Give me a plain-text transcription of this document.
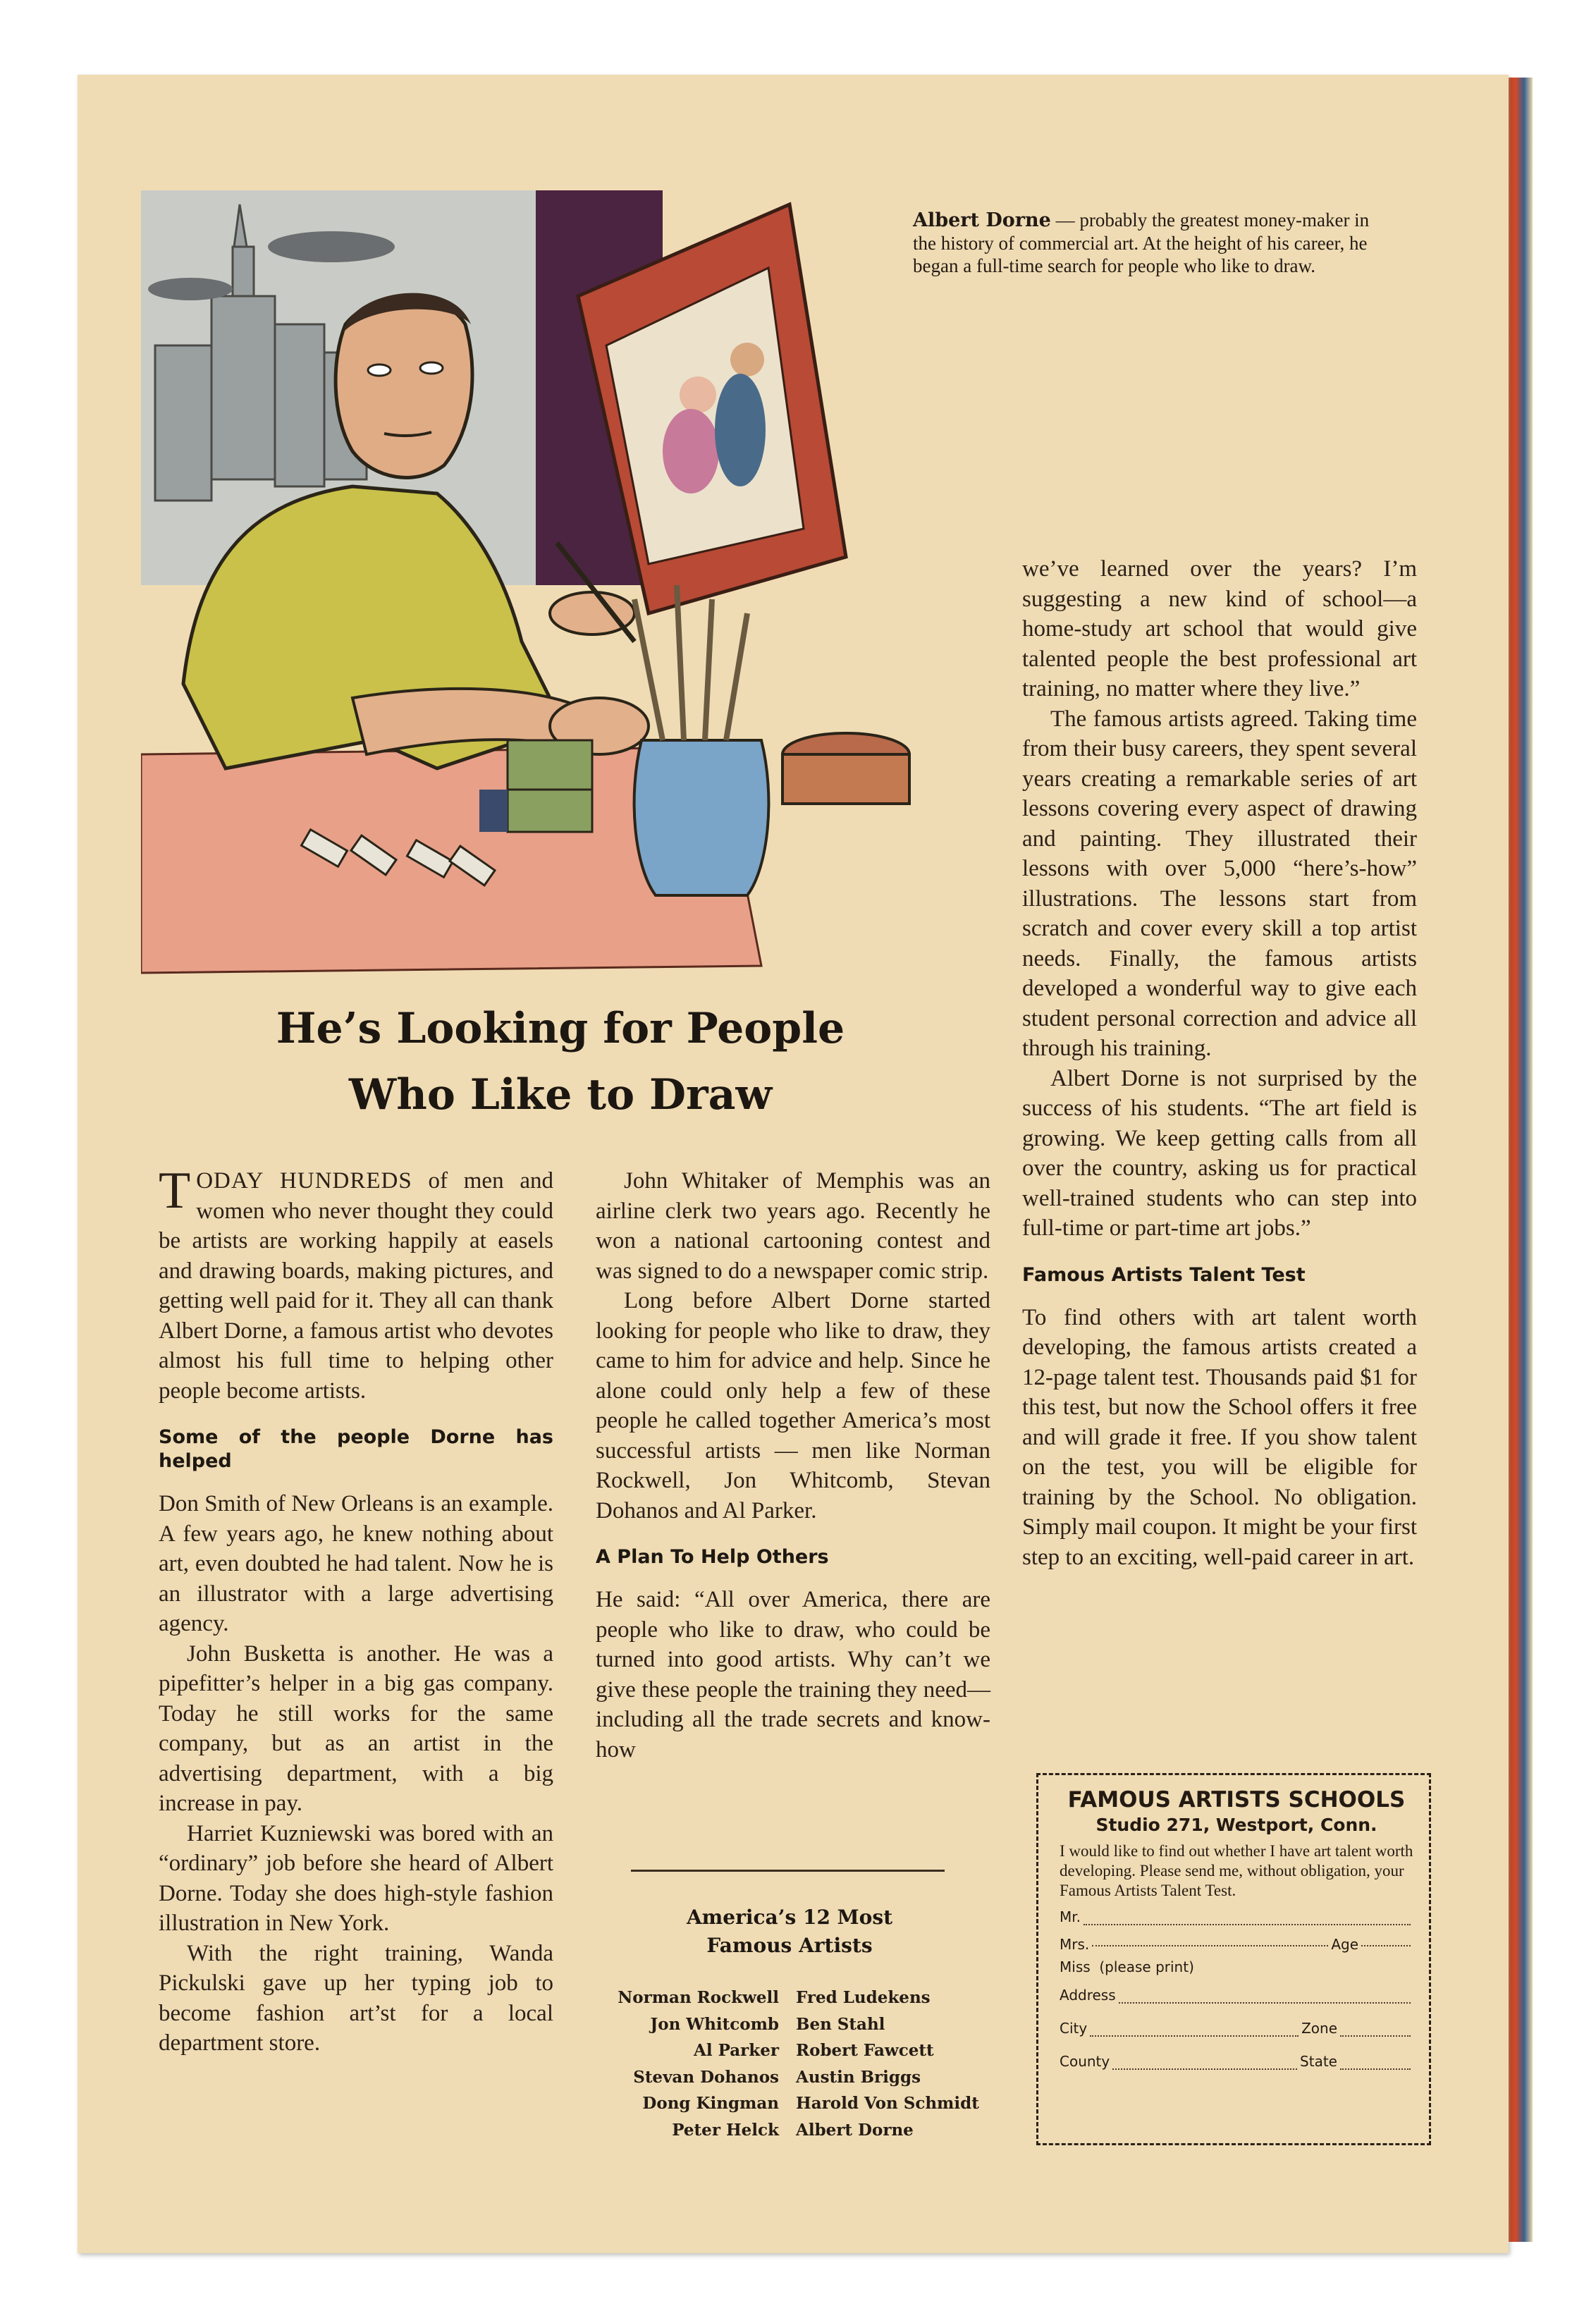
Albert Dorne — probably the greatest money-maker in the history of commercial art. At the height of his career, he began a full-time search for people who like to draw.
He’s Looking for People
Who Like to Draw

TODAY HUNDREDS of men and women who never thought they could be artists are working happily at easels and drawing boards, making pictures, and getting well paid for it. They all can thank Albert Dorne, a famous artist who devotes almost his full time to helping other people become artists.

Some of the people Dorne has helped

Don Smith of New Orleans is an example. A few years ago, he knew nothing about art, even doubted he had talent. Now he is an illustrator with a large advertising agency.

John Busketta is another. He was a pipefitter’s helper in a big gas company. Today he still works for the same company, but as an artist in the advertising department, with a big increase in pay.

Harriet Kuzniewski was bored with an “ordinary” job before she heard of Albert Dorne. Today she does high-style fashion illustration in New York.

With the right training, Wanda Pickulski gave up her typing job to become fashion art’st for a local department store.

John Whitaker of Memphis was an airline clerk two years ago. Recently he won a national cartooning contest and was signed to do a newspaper comic strip.

Long before Albert Dorne started looking for people who like to draw, they came to him for advice and help. Since he alone could only help a few of these people he called together America’s most successful artists — men like Norman Rockwell, Jon Whitcomb, Stevan Dohanos and Al Parker.

A Plan To Help Others

He said: “All over America, there are people who like to draw, who could be turned into good artists. Why can’t we give these people the training they need—including all the trade secrets and know-how

we’ve learned over the years? I’m suggesting a new kind of school—a home-study art school that would give talented people the best professional art training, no matter where they live.”

The famous artists agreed. Taking time from their busy careers, they spent several years creating a remarkable series of art lessons covering every aspect of drawing and painting. They illustrated their lessons with over 5,000 “here’s-how” illustrations. The lessons start from scratch and cover every skill a top artist needs. Finally, the famous artists developed a wonderful way to give each student personal correction and advice all through his training.

Albert Dorne is not surprised by the success of his students. “The art field is growing. We keep getting calls from all over the country, asking us for practical well-trained students who can step into full-time or part-time art jobs.”

Famous Artists Talent Test

To find others with art talent worth developing, the famous artists created a 12-page talent test. Thousands paid $1 for this test, but now the School offers it free and will grade it free. If you show talent on the test, you will be eligible for training by the School. No obligation. Simply mail coupon. It might be your first step to an exciting, well-paid career in art.

America’s 12 Most
Famous Artists
Norman Rockwell	Fred Ludekens
Jon Whitcomb	Ben Stahl
Al Parker	Robert Fawcett
Stevan Dohanos	Austin Briggs
Dong Kingman	Harold Von Schmidt
Peter Helck	Albert Dorne
FAMOUS ARTISTS SCHOOLS
Studio 271, Westport, Conn.
I would like to find out whether I have art talent worth developing. Please send me, without obligation, your Famous Artists Talent Test.
Mr.
Mrs.	Age
Miss
(please print)
Address
City	Zone
County	State
